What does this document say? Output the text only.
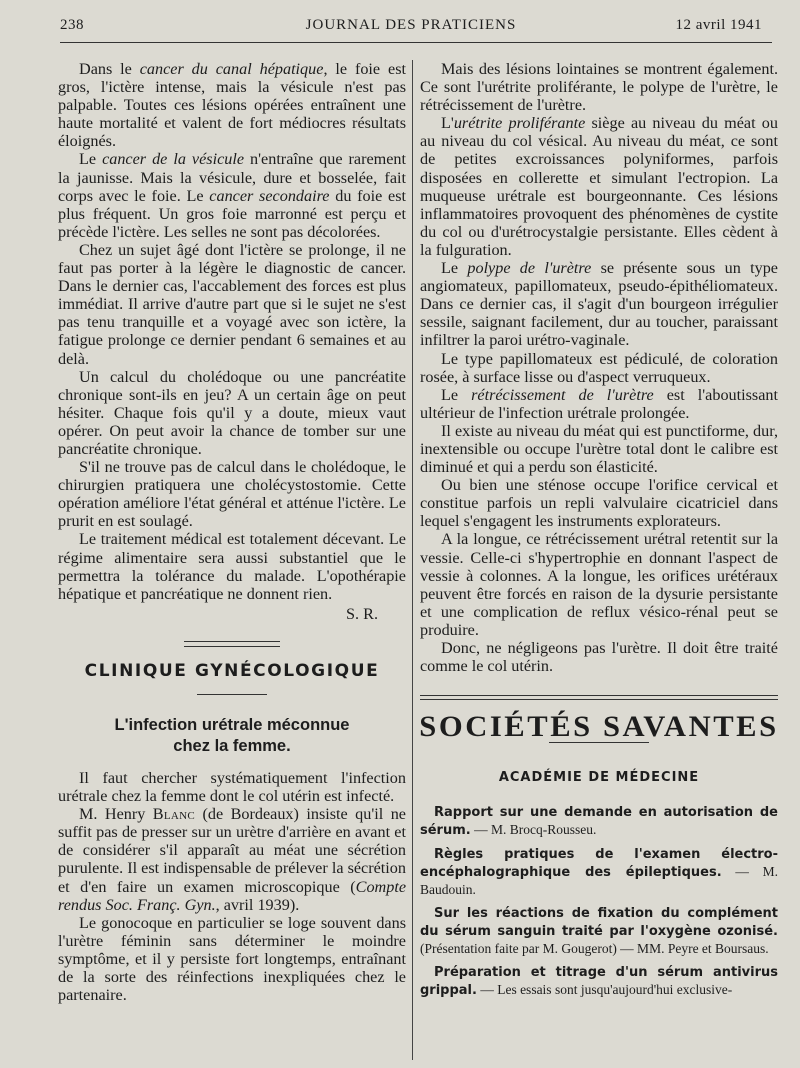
238	JOURNAL DES PRATICIENS	12 avril 1941

Dans le cancer du canal hépatique, le foie est gros, l'ictère intense, mais la vésicule n'est pas palpable. Toutes ces lésions opérées entraînent une haute mortalité et valent de fort médiocres résultats éloignés.

Le cancer de la vésicule n'entraîne que rarement la jaunisse. Mais la vésicule, dure et bosselée, fait corps avec le foie. Le cancer secondaire du foie est plus fréquent. Un gros foie marronné est perçu et précède l'ictère. Les selles ne sont pas décolorées.

Chez un sujet âgé dont l'ictère se prolonge, il ne faut pas porter à la légère le diagnostic de cancer. Dans le dernier cas, l'accablement des forces est plus immédiat. Il arrive d'autre part que si le sujet ne s'est pas tenu tranquille et a voyagé avec son ictère, la fatigue prolonge ce dernier pendant 6 semaines et au delà.

Un calcul du cholédoque ou une pancréatite chronique sont-ils en jeu? A un certain âge on peut hésiter. Chaque fois qu'il y a doute, mieux vaut opérer. On peut avoir la chance de tomber sur une pancréatite chronique.

S'il ne trouve pas de calcul dans le cholédoque, le chirurgien pratiquera une cholécystostomie. Cette opération améliore l'état général et atténue l'ictère. Le prurit en est soulagé.

Le traitement médical est totalement décevant. Le régime alimentaire sera aussi substantiel que le permettra la tolérance du malade. L'opothérapie hépatique et pancréatique ne donnent rien.

S. R.
CLINIQUE GYNÉCOLOGIQUE
L'infection urétrale méconnue
chez la femme.

Il faut chercher systématiquement l'infection urétrale chez la femme dont le col utérin est infecté.

M. Henry Blanc (de Bordeaux) insiste qu'il ne suffit pas de presser sur un urètre d'arrière en avant et de considérer s'il apparaît au méat une sécrétion purulente. Il est indispensable de prélever la sécrétion et d'en faire un examen microscopique (Compte rendus Soc. Franç. Gyn., avril 1939).

Le gonocoque en particulier se loge souvent dans l'urètre féminin sans déterminer le moindre symptôme, et il y persiste fort longtemps, entraînant de la sorte des réinfections inexpliquées chez le partenaire.

Mais des lésions lointaines se montrent également. Ce sont l'urétrite proliférante, le polype de l'urètre, le rétrécissement de l'urètre.

L'urétrite proliférante siège au niveau du méat ou au niveau du col vésical. Au niveau du méat, ce sont de petites excroissances polyniformes, parfois disposées en collerette et simulant l'ectropion. La muqueuse urétrale est bourgeonnante. Ces lésions inflammatoires provoquent des phénomènes de cystite du col ou d'urétrocystalgie persistante. Elles cèdent à la fulguration.

Le polype de l'urètre se présente sous un type angiomateux, papillomateux, pseudo-épithéliomateux. Dans ce dernier cas, il s'agit d'un bourgeon irrégulier sessile, saignant facilement, dur au toucher, paraissant infiltrer la paroi urétro-vaginale.

Le type papillomateux est pédiculé, de coloration rosée, à surface lisse ou d'aspect verruqueux.

Le rétrécissement de l'urètre est l'aboutissant ultérieur de l'infection urétrale prolongée.

Il existe au niveau du méat qui est punctiforme, dur, inextensible ou occupe l'urètre total dont le calibre est diminué et qui a perdu son élasticité.

Ou bien une sténose occupe l'orifice cervical et constitue parfois un repli valvulaire cicatriciel dans lequel s'engagent les instruments explorateurs.

A la longue, ce rétrécissement urétral retentit sur la vessie. Celle-ci s'hypertrophie en donnant l'aspect de vessie à colonnes. A la longue, les orifices urétéraux peuvent être forcés en raison de la dysurie persistante et une complication de reflux vésico-rénal peut se produire.

Donc, ne négligeons pas l'urètre. Il doit être traité comme le col utérin.

SOCIÉTÉS SAVANTES
ACADÉMIE DE MÉDECINE
Rapport sur une demande en autorisation de sérum. — M. Brocq-Rousseu.
Règles pratiques de l'examen électro-encéphalographique des épileptiques. — M. Baudouin.
Sur les réactions de fixation du complément du sérum sanguin traité par l'oxygène ozonisé. (Présentation faite par M. Gougerot) — MM. Peyre et Boursaus.
Préparation et titrage d'un sérum antivirus grippal. — Les essais sont jusqu'aujourd'hui exclusive-
